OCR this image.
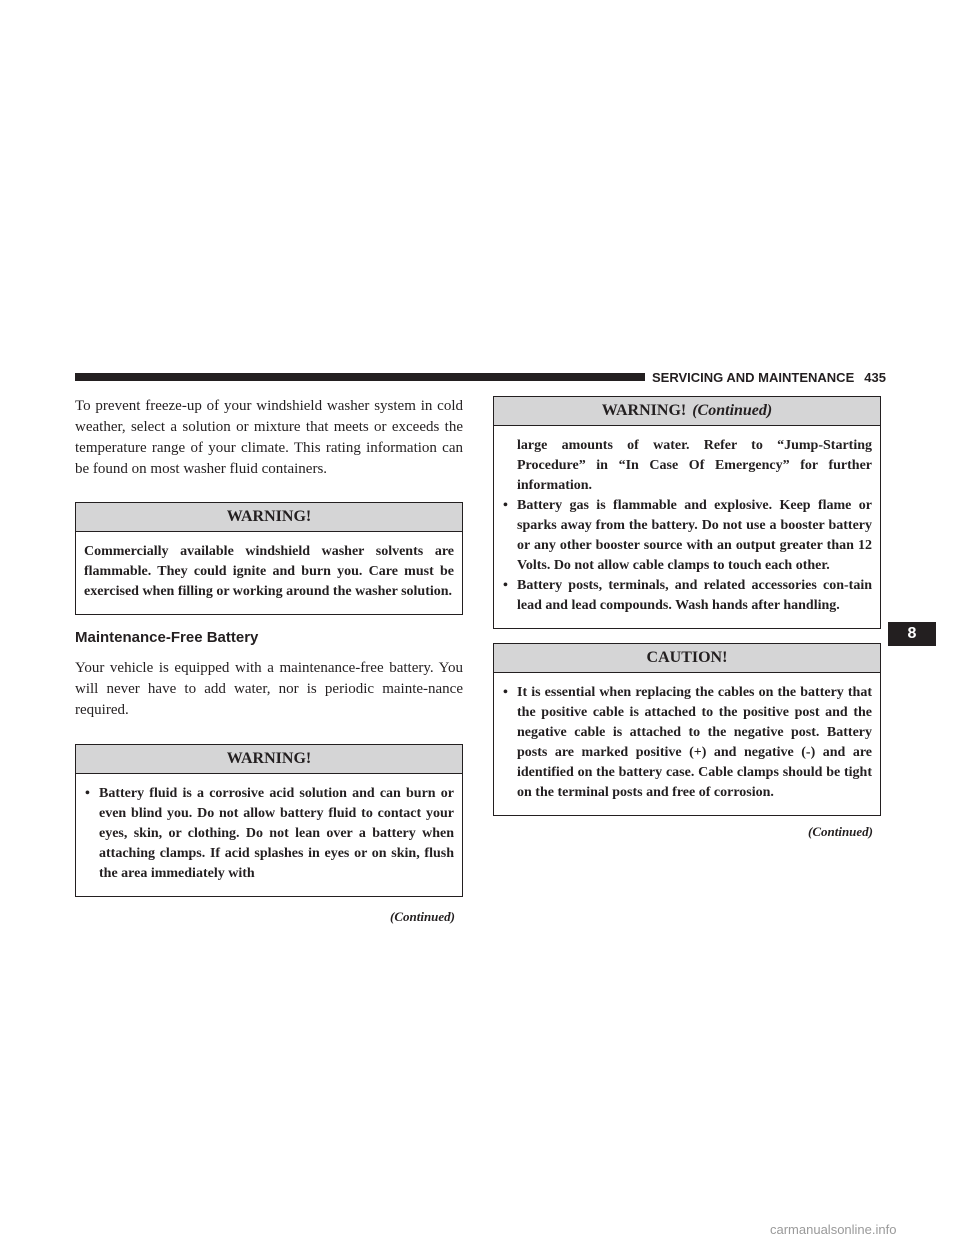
SERVICING AND MAINTENANCE 435

To prevent freeze-up of your windshield washer system in cold weather, select a solution or mixture that meets or exceeds the temperature range of your climate. This rating information can be found on most washer fluid containers.

WARNING!
Commercially available windshield washer solvents are flammable. They could ignite and burn you. Care must be exercised when filling or working around the washer solution.
Maintenance-Free Battery

Your vehicle is equipped with a maintenance-free battery. You will never have to add water, nor is periodic mainte-nance required.

WARNING!
• Battery fluid is a corrosive acid solution and can burn or even blind you. Do not allow battery fluid to contact your eyes, skin, or clothing. Do not lean over a battery when attaching clamps. If acid splashes in eyes or on skin, flush the area immediately with
(Continued)
WARNING! (Continued)
large amounts of water. Refer to “Jump-Starting Procedure” in “In Case Of Emergency” for further information.
• Battery gas is flammable and explosive. Keep flame or sparks away from the battery. Do not use a booster battery or any other booster source with an output greater than 12 Volts. Do not allow cable clamps to touch each other.
• Battery posts, terminals, and related accessories con-tain lead and lead compounds. Wash hands after handling.
CAUTION!
• It is essential when replacing the cables on the battery that the positive cable is attached to the positive post and the negative cable is attached to the negative post. Battery posts are marked positive (+) and negative (-) and are identified on the battery case. Cable clamps should be tight on the terminal posts and free of corrosion.
(Continued)
8
carmanualsonline.info
